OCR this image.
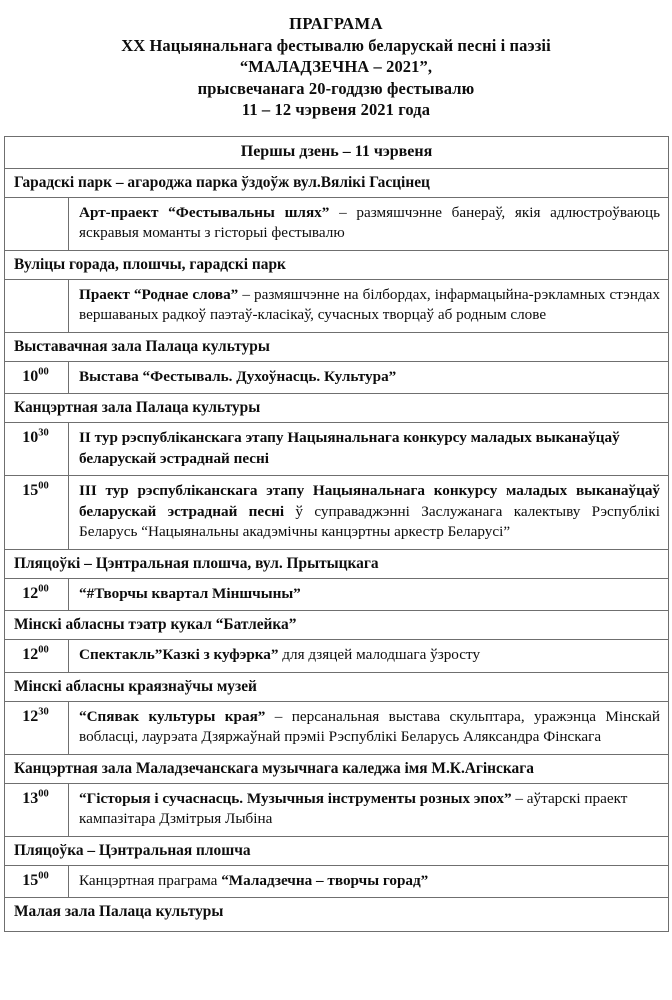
ПРАГРАМА
XX Нацыянальнага фестывалю беларускай песні і паэзіі
“МАЛАДЗЕЧНА – 2021”,
прысвечанага 20-годдзю фестывалю
11 – 12 чэрвеня 2021 года
Першы дзень – 11 чэрвеня	
Гарадскі парк – агароджа парка ўздоўж вул.Вялікі Гасцінец	
	Арт-праект “Фестывальны шлях” – размяшчэнне банераў, якія адлюстроўваюць яскравыя моманты з гісторыі фестывалю
Вуліцы горада, плошчы, гарадскі парк	
	Праект “Роднае слова” – размяшчэнне на білбордах, інфармацыйна-рэкламных стэндах вершаваных радкоў паэтаў-класікаў, сучасных творцаў аб родным слове
Выставачная зала Палаца культуры	
$10^{00}$	Выстава “Фестываль. Духоўнасць. Культура”
Канцэртная зала Палаца культуры	
$10^{30}$	II тур рэспубліканскага этапу Нацыянальнага конкурсу маладых выканаўцаў беларускай эстраднай песні
$15^{00}$	III тур рэспубліканскага этапу Нацыянальнага конкурсу маладых выканаўцаў беларускай эстраднай песні ў суправаджэнні Заслужанага калектыву Рэспублікі Беларусь “Нацыянальны акадэмічны канцэртны аркестр Беларусі”
Пляцоўкі – Цэнтральная плошча, вул. Прытыцкага	
$12^{00}$	“#Творчы квартал Міншчыны”
Мінскі абласны тэатр кукал “Батлейка”	
$12^{00}$	Спектакль”Казкі з куфэрка” для дзяцей малодшага ўзросту
Мінскі абласны краязнаўчы музей	
$12^{30}$	“Спявак культуры края” – персанальная выстава скульптара, уражэнца Мінскай вобласці, лаурэата Дзяржаўнай прэміі Рэспублікі Беларусь Аляксандра Фінскага
Канцэртная зала Маладзечанскага музычнага каледжа імя М.К.Агінскага	
$13^{00}$	“Гісторыя і сучаснасць. Музычныя інструменты розных эпох” – аўтарскі праект кампазітара Дзмітрыя Лыбіна
Пляцоўка – Цэнтральная плошча	
$15^{00}$	Канцэртная праграма “Маладзечна – творчы горад”
Малая зала Палаца культуры	
